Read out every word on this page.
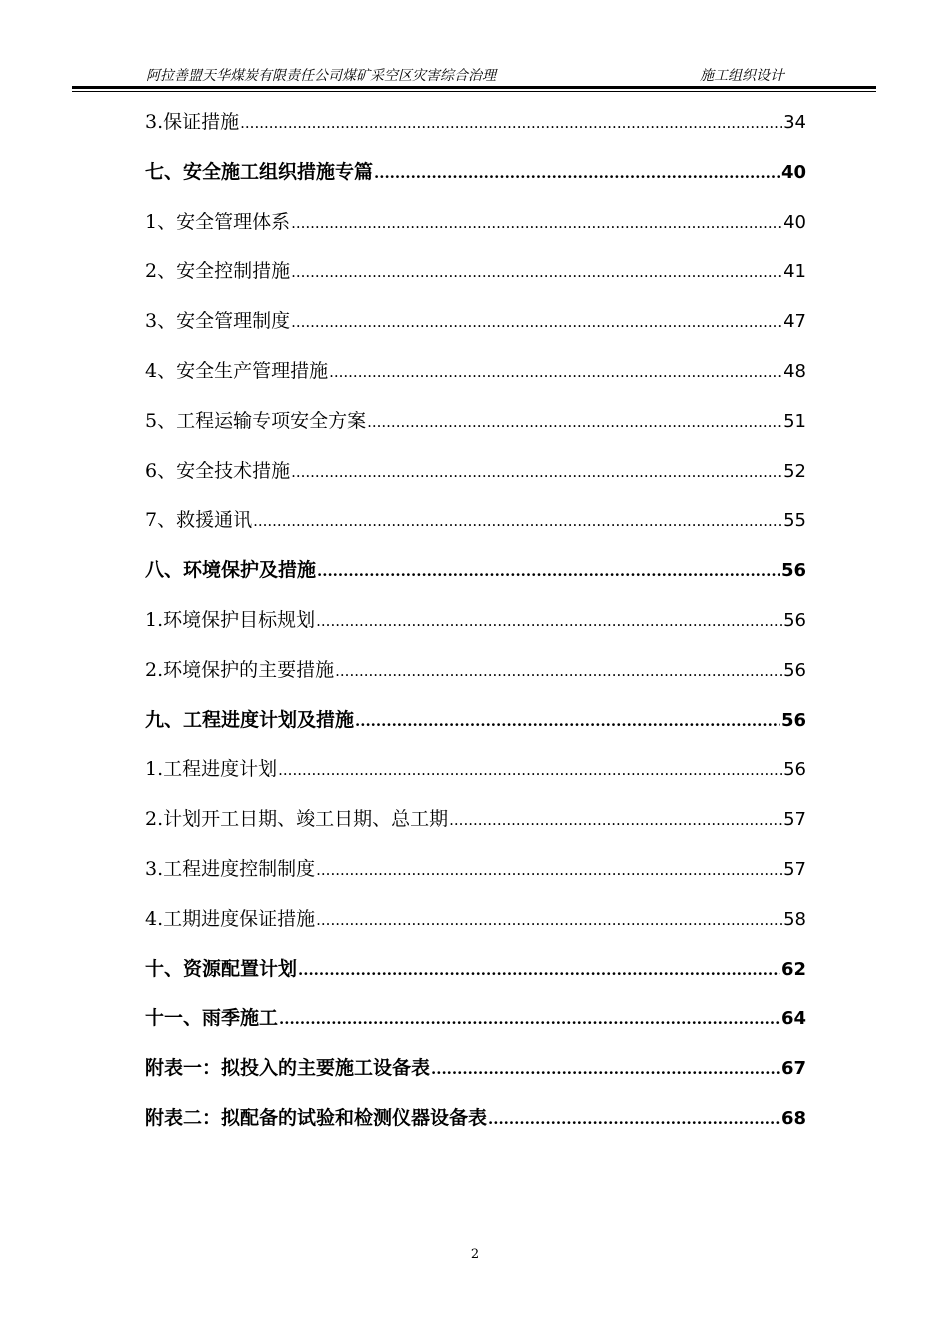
阿拉善盟天华煤炭有限责任公司煤矿采空区灾害综合治理	施工组织设计
3.保证措施 .....	34
七、安全施工组织措施专篇 .....	40
1、安全管理体系 .....	40
2、安全控制措施 .....	41
3、安全管理制度 .....	47
4、安全生产管理措施 .....	48
5、工程运输专项安全方案 .....	51
6、安全技术措施 .....	52
7、救援通讯 .....	55
八、环境保护及措施 .....	56
1.环境保护目标规划 .....	56
2.环境保护的主要措施 .....	56
九、工程进度计划及措施 .....	56
1.工程进度计划 .....	56
2.计划开工日期、竣工日期、总工期 .....	57
3.工程进度控制制度 .....	57
4.工期进度保证措施 .....	58
十、资源配置计划 .....	62
十一、雨季施工 .....	64
附表一：拟投入的主要施工设备表 .....	67
附表二：拟配备的试验和检测仪器设备表 .....	68
2
